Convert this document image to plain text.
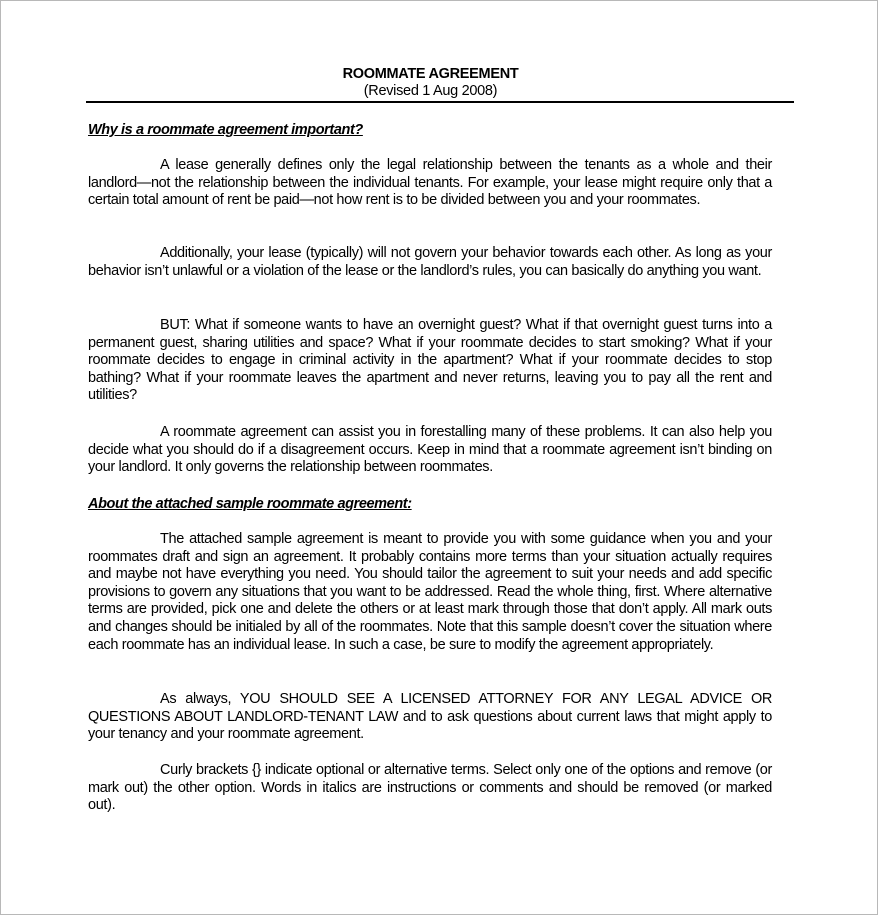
ROOMMATE AGREEMENT
(Revised 1 Aug 2008)
Why is a roommate agreement important?

A lease generally defines only the legal relationship between the tenants as a whole and their landlord—not the relationship between the individual tenants. For example, your lease might require only that a certain total amount of rent be paid—not how rent is to be divided between you and your roommates.

Additionally, your lease (typically) will not govern your behavior towards each other. As long as your behavior isn’t unlawful or a violation of the lease or the landlord’s rules, you can basically do anything you want.

BUT: What if someone wants to have an overnight guest? What if that overnight guest turns into a permanent guest, sharing utilities and space? What if your roommate decides to start smoking? What if your roommate decides to engage in criminal activity in the apartment? What if your roommate decides to stop bathing? What if your roommate leaves the apartment and never returns, leaving you to pay all the rent and utilities?

A roommate agreement can assist you in forestalling many of these problems. It can also help you decide what you should do if a disagreement occurs. Keep in mind that a roommate agreement isn’t binding on your landlord. It only governs the relationship between roommates.

About the attached sample roommate agreement:

The attached sample agreement is meant to provide you with some guidance when you and your roommates draft and sign an agreement. It probably contains more terms than your situation actually requires and maybe not have everything you need. You should tailor the agreement to suit your needs and add specific provisions to govern any situations that you want to be addressed. Read the whole thing, first. Where alternative terms are provided, pick one and delete the others or at least mark through those that don’t apply. All mark outs and changes should be initialed by all of the roommates. Note that this sample doesn’t cover the situation where each roommate has an individual lease. In such a case, be sure to modify the agreement appropriately.

As always, YOU SHOULD SEE A LICENSED ATTORNEY FOR ANY LEGAL ADVICE OR QUESTIONS ABOUT LANDLORD-TENANT LAW and to ask questions about current laws that might apply to your tenancy and your roommate agreement.

Curly brackets {} indicate optional or alternative terms. Select only one of the options and remove (or mark out) the other option. Words in italics are instructions or comments and should be removed (or marked out).
